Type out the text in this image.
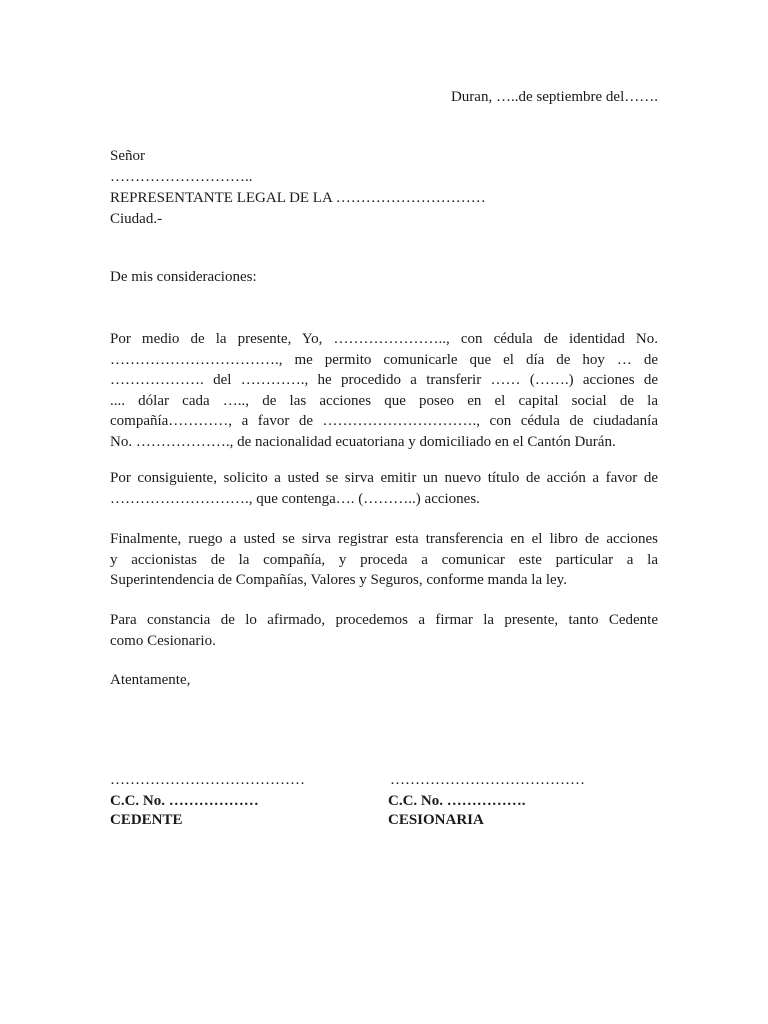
Duran, …..de septiembre del…….
Señor
………………………..
REPRESENTANTE LEGAL DE LA …………………………
Ciudad.-
De mis consideraciones:
Por medio de la presente, Yo, ………………….., con cédula de identidad No.
……………………………., me permito comunicarle que el día de hoy … de
………………. del …………., he procedido a transferir …… (…….) acciones de
.... dólar cada ….., de las acciones que poseo en el capital social de la
compañía…………, a favor de …………………………., con cédula de ciudadanía
No. ………………., de nacionalidad ecuatoriana y domiciliado en el Cantón Durán.
Por consiguiente, solicito a usted se sirva emitir un nuevo título de acción a favor de
………………………., que contenga…. (………..) acciones.
Finalmente, ruego a usted se sirva registrar esta transferencia en el libro de acciones
y accionistas de la compañía, y proceda a comunicar este particular a la
Superintendencia de Compañías, Valores y Seguros, conforme manda la ley.
Para constancia de lo afirmado, procedemos a firmar la presente, tanto Cedente
como Cesionario.
Atentamente,
…………………………………
C.C. No. ………………
CEDENTE
…………………………………
C.C. No. …………….
CESIONARIA
